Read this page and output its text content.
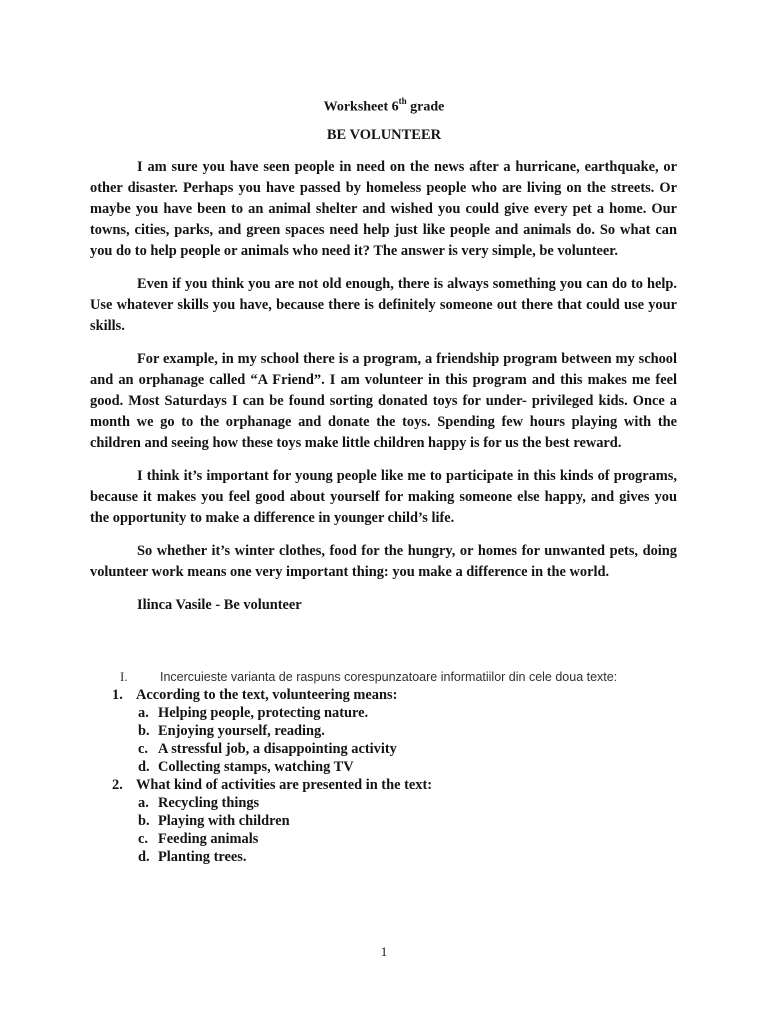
Worksheet 6th grade
BE VOLUNTEER

I am sure you have seen people in need on the news after a hurricane, earthquake, or other disaster. Perhaps you have passed by homeless people who are living on the streets. Or maybe you have been to an animal shelter and wished you could give every pet a home. Our towns, cities, parks, and green spaces need help just like people and animals do. So what can you do to help people or animals who need it? The answer is very simple, be volunteer.

Even if you think you are not old enough, there is always something you can do to help. Use whatever skills you have, because there is definitely someone out there that could use your skills.

For example, in my school there is a program, a friendship program between my school and an orphanage called “A Friend”. I am volunteer in this program and this makes me feel good. Most Saturdays I can be found sorting donated toys for under- privileged kids. Once a month we go to the orphanage and donate the toys. Spending few hours playing with the children and seeing how these toys make little children happy is for us the best reward.

I think it’s important for young people like me to participate in this kinds of programs, because it makes you feel good about yourself for making someone else happy, and gives you the opportunity to make a difference in younger child’s life.

So whether it’s winter clothes, food for the hungry, or homes for unwanted pets, doing volunteer work means one very important thing: you make a difference in the world.

Ilinca Vasile - Be volunteer

I.	Incercuieste varianta de raspuns corespunzatoare informatiilor din cele doua texte:
1. According to the text, volunteering means:
a. Helping people, protecting nature.
b. Enjoying yourself, reading.
c. A stressful job, a disappointing activity
d. Collecting stamps, watching TV
2. What kind of activities are presented in the text:
a. Recycling things
b. Playing with children
c. Feeding animals
d. Planting trees.
1
